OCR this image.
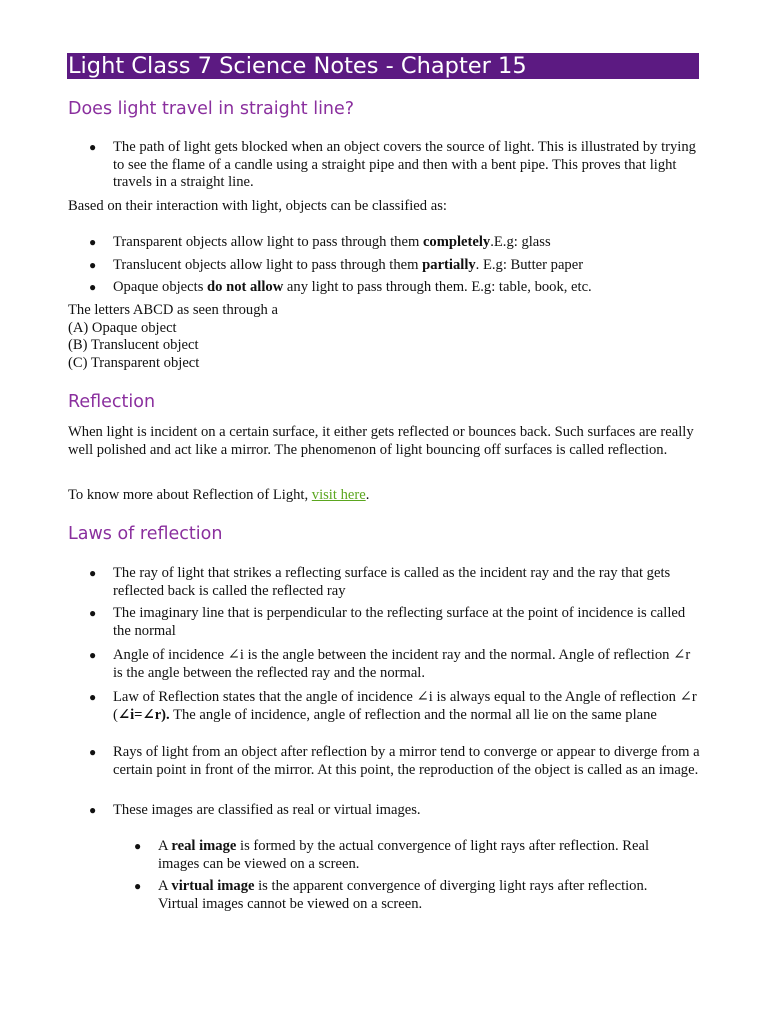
Light Class 7 Science Notes - Chapter 15
Does light travel in straight line?
● The path of light gets blocked when an object covers the source of light. This is illustrated by trying to see the flame of a candle using a straight pipe and then with a bent pipe. This proves that light travels in a straight line.
Based on their interaction with light, objects can be classified as:
● Transparent objects allow light to pass through them completely.E.g: glass
● Translucent objects allow light to pass through them partially. E.g: Butter paper
● Opaque objects do not allow any light to pass through them. E.g: table, book, etc.
The letters ABCD as seen through a
(A) Opaque object
(B) Translucent object
(C) Transparent object
Reflection
When light is incident on a certain surface, it either gets reflected or bounces back. Such surfaces are really well polished and act like a mirror. The phenomenon of light bouncing off surfaces is called reflection.
To know more about Reflection of Light, visit here.
Laws of reflection
● The ray of light that strikes a reflecting surface is called as the incident ray and the ray that gets reflected back is called the reflected ray
● The imaginary line that is perpendicular to the reflecting surface at the point of incidence is called the normal
● Angle of incidence ∠i is the angle between the incident ray and the normal. Angle of reflection ∠r is the angle between the reflected ray and the normal.
● Law of Reflection states that the angle of incidence ∠i is always equal to the Angle of reflection ∠r (∠i=∠r). The angle of incidence, angle of reflection and the normal all lie on the same plane
● Rays of light from an object after reflection by a mirror tend to converge or appear to diverge from a certain point in front of the mirror. At this point, the reproduction of the object is called as an image.
● These images are classified as real or virtual images.
● A real image is formed by the actual convergence of light rays after reflection. Real images can be viewed on a screen.
● A virtual image is the apparent convergence of diverging light rays after reflection. Virtual images cannot be viewed on a screen.
